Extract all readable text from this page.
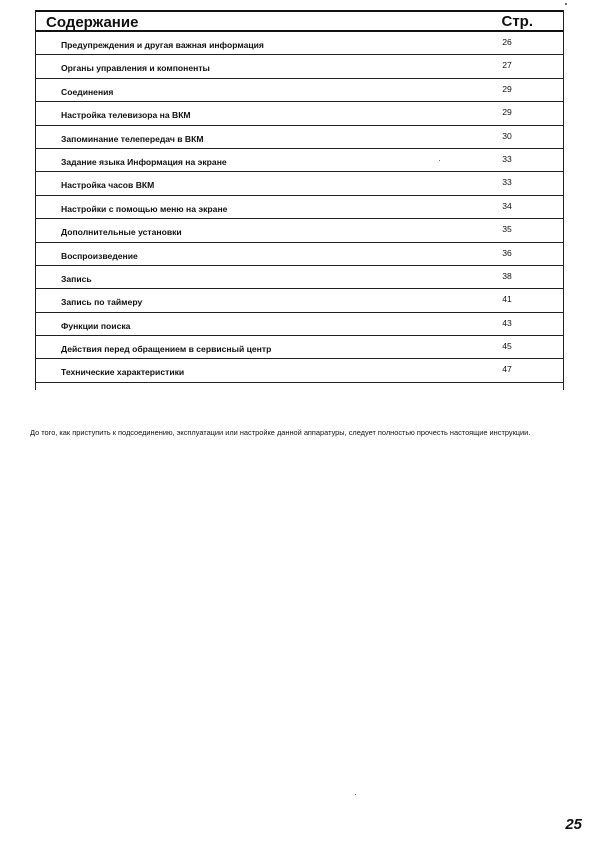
Содержание	Стр.
Предупреждения и другая важная информация	26
Органы управления и компоненты	27
Соединения	29
Настройка телевизора на ВКМ	29
Запоминание телепередач в ВКМ	30
Задание языка Информация на экране	33
Настройка часов ВКМ	33
Настройки с помощью меню на экране	34
Дополнительные установки	35
Воспроизведение	36
Запись	38
Запись по таймеру	41
Функции поиска	43
Действия перед обращением в сервисный центр	45
Технические характеристики	47

До того, как приступить к подсоединению, эксплуатации или настройке данной аппаратуры, следует полностью прочесть настоящие инструкции.

25
